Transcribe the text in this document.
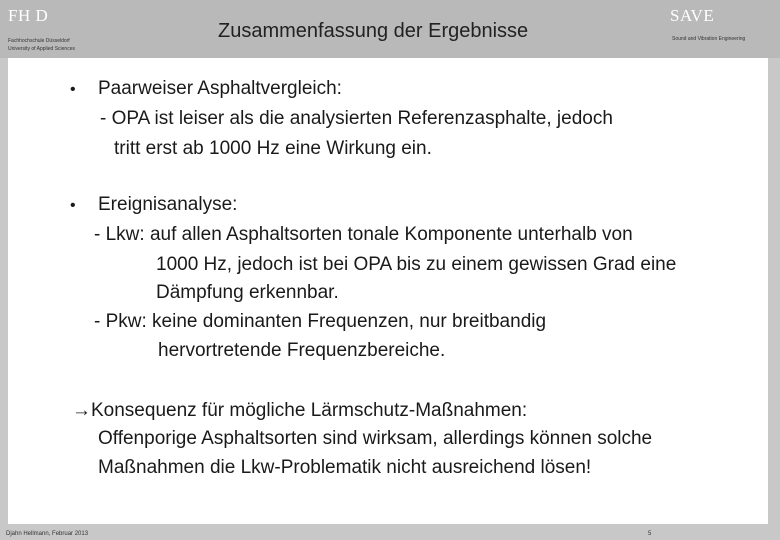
FH D
Fachhochschule Düsseldorf
University of Applied Sciences
Zusammenfassung der Ergebnisse
SAVE
Sound and Vibration Engineering
• Paarweiser Asphaltvergleich:
- OPA ist leiser als die analysierten Referenzasphalte, jedoch
tritt erst ab 1000 Hz eine Wirkung ein.
• Ereignisanalyse:
- Lkw: auf allen Asphaltsorten tonale Komponente unterhalb von
1000 Hz, jedoch ist bei OPA bis zu einem gewissen Grad eine
Dämpfung erkennbar.
- Pkw: keine dominanten Frequenzen, nur breitbandig
hervortretende Frequenzbereiche.
→Konsequenz für mögliche Lärmschutz-Maßnahmen:
Offenporige Asphaltsorten sind wirksam, allerdings können solche
Maßnahmen die Lkw-Problematik nicht ausreichend lösen!
Djahn Hellmann, Februar 2013	5
